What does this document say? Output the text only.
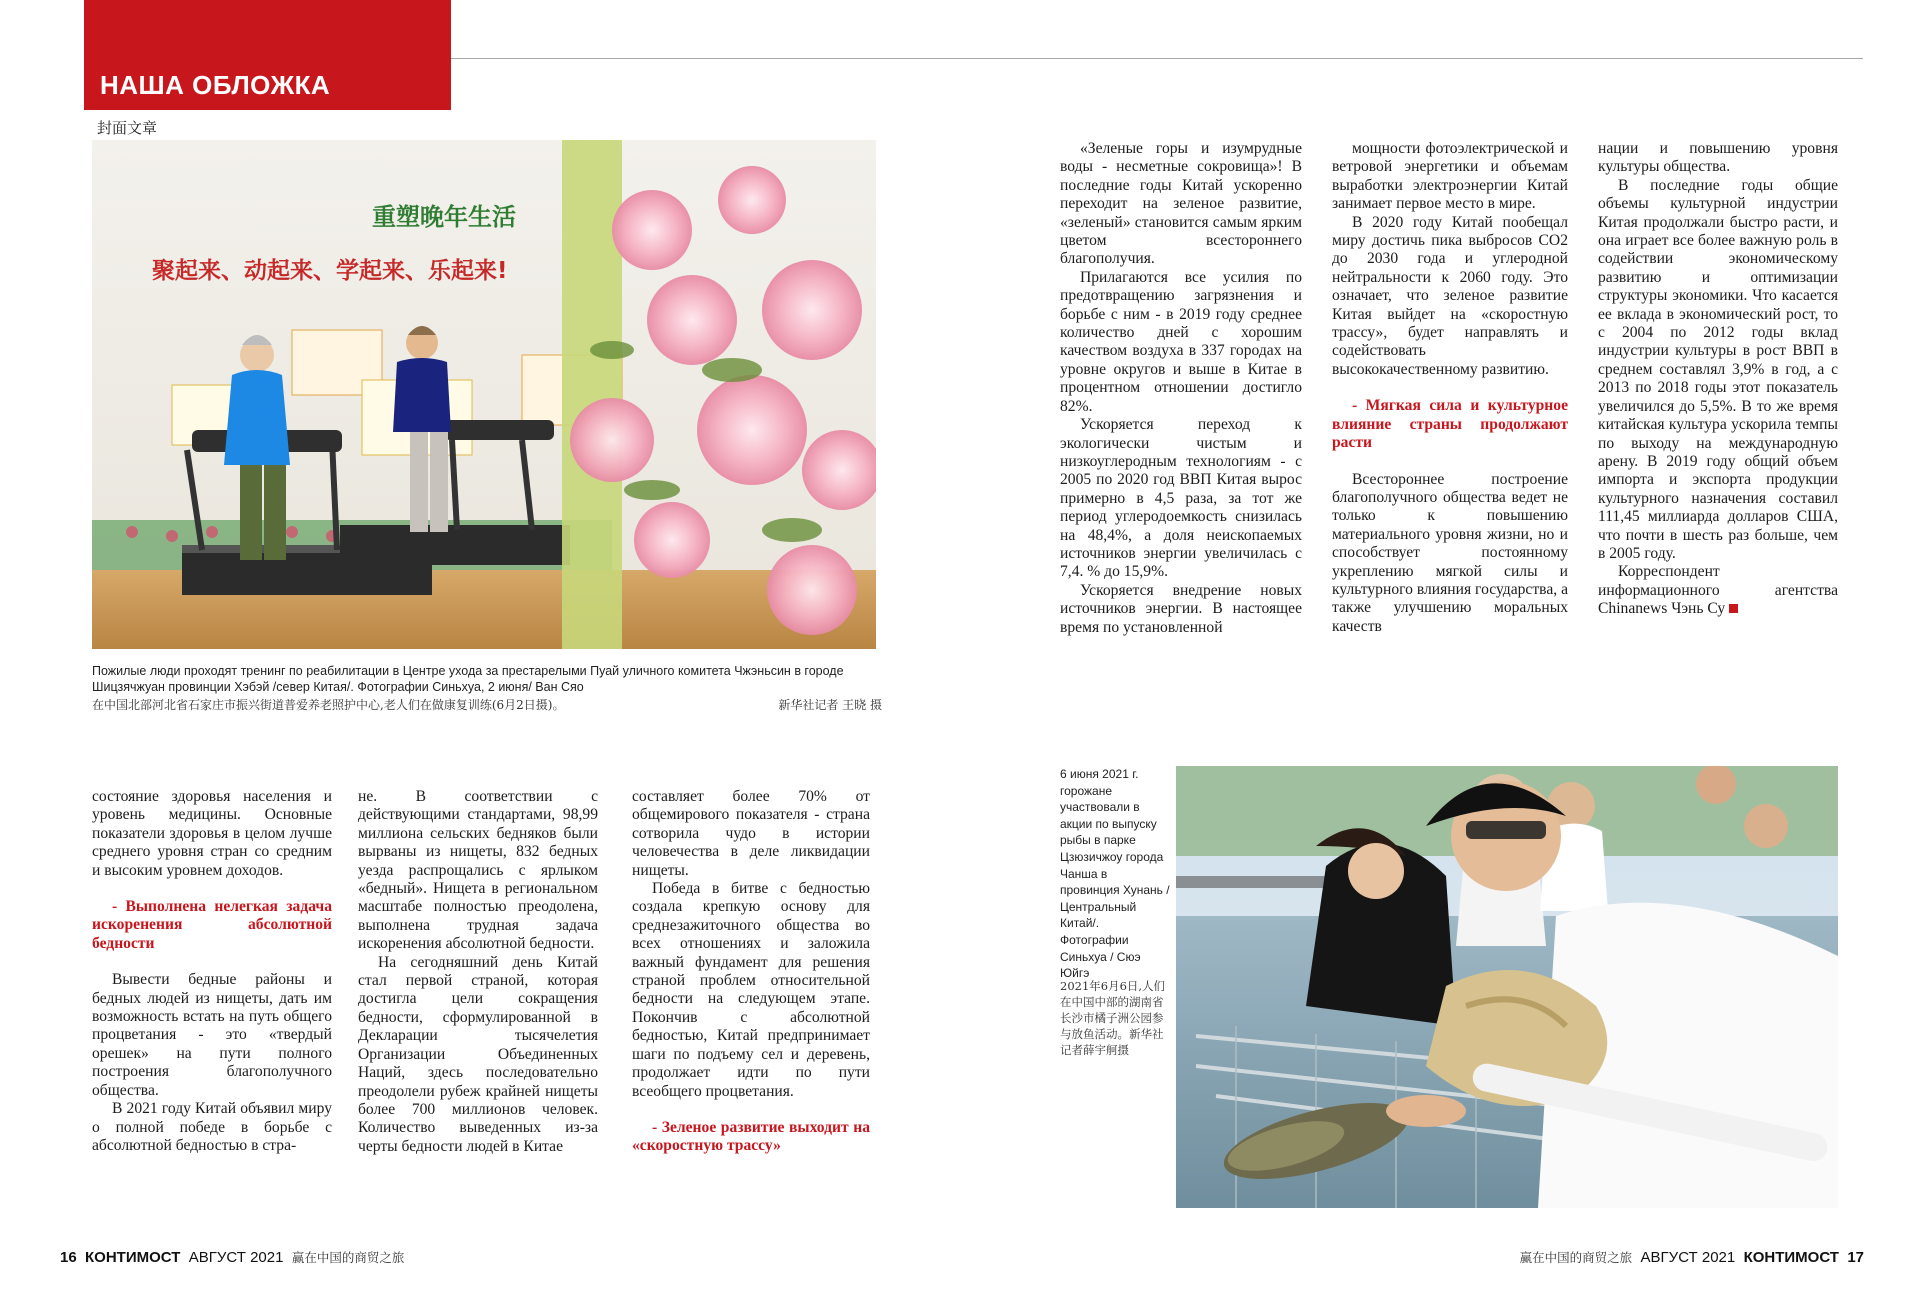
НАША ОБЛОЖКА
封面文章
重塑晚年生活
聚起来、动起来、学起来、乐起来!
Пожилые люди проходят тренинг по реабилитации в Центре ухода за престарелыми Пуай уличного комитета Чжэньсин в городе Шицзячжуан провинции Хэбэй /север Китая/. Фотографии Синьхуа, 2 июня/ Ван Сяо
在中国北部河北省石家庄市振兴街道普爱养老照护中心,老人们在做康复训练(6月2日摄)。	新华社记者 王晓 摄

«Зеленые горы и изумрудные воды - несметные сокровища»! В последние годы Китай ускоренно переходит на зеленое развитие, «зеленый» становится самым ярким цветом всестороннего благополучия.

Прилагаются все усилия по предотвращению загрязнения и борьбе с ним - в 2019 году среднее количество дней с хорошим качеством воздуха в 337 городах на уровне округов и выше в Китае в процентном отношении достигло 82%.

Ускоряется переход к экологически чистым и низкоуглеродным технологиям - с 2005 по 2020 год ВВП Китая вырос примерно в 4,5 раза, за тот же период углеродоемкость снизилась на 48,4%, а доля неископаемых источников энергии увеличилась с 7,4. % до 15,9%.

Ускоряется внедрение новых источников энергии. В настоящее время по установленной

мощности фотоэлектрической и ветровой энергетики и объемам выработки электроэнергии Китай занимает первое место в мире.

В 2020 году Китай пообещал миру достичь пика выбросов СО2 до 2030 года и углеродной нейтральности к 2060 году. Это означает, что зеленое развитие Китая выйдет на «скоростную трассу», будет направлять и содействовать высококачественному развитию.

- Мягкая сила и культурное влияние страны продолжают расти

Всестороннее построение благополучного общества ведет не только к повышению материального уровня жизни, но и способствует постоянному укреплению мягкой силы и культурного влияния государства, а также улучшению моральных качеств

нации и повышению уровня культуры общества.

В последние годы общие объемы культурной индустрии Китая продолжали быстро расти, и она играет все более важную роль в содействии экономическому развитию и оптимизации структуры экономики. Что касается ее вклада в экономический рост, то с 2004 по 2012 годы вклад индустрии культуры в рост ВВП в среднем составлял 3,9% в год, а с 2013 по 2018 годы этот показатель увеличился до 5,5%. В то же время китайская культура ускорила темпы по выходу на международную арену. В 2019 году общий объем импорта и экспорта продукции культурного назначения составил 111,45 миллиарда долларов США, что почти в шесть раз больше, чем в 2005 году.

Корреспондент информационного агентства Chinanews Чэнь Су

6 июня 2021 г. горожане участвовали в акции по выпуску рыбы в парке Цзюзичжоу города Чанша в провинция Хунань /Центральный Китай/. Фотографии Синьхуа / Сюэ Юйгэ
2021年6月6日,人们在中国中部的湖南省长沙市橘子洲公园参与放鱼活动。新华社记者薛宇舸摄

состояние здоровья населения и уровень медицины. Основные показатели здоровья в целом лучше среднего уровня стран со средним и высоким уровнем доходов.

- Выполнена нелегкая задача искоренения абсолютной бедности

Вывести бедные районы и бедных людей из нищеты, дать им возможность встать на путь общего процветания - это «твердый орешек» на пути полного построения благополучного общества.

В 2021 году Китай объявил миру о полной победе в борьбе с абсолютной бедностью в стра-

не. В соответствии с действующими стандартами, 98,99 миллиона сельских бедняков были вырваны из нищеты, 832 бедных уезда распрощались с ярлыком «бедный». Нищета в региональном масштабе полностью преодолена, выполнена трудная задача искоренения абсолютной бедности.

На сегодняшний день Китай стал первой страной, которая достигла цели сокращения бедности, сформулированной в Декларации тысячелетия Организации Объединенных Наций, здесь последовательно преодолели рубеж крайней нищеты более 700 миллионов человек. Количество выведенных из-за черты бедности людей в Китае

составляет более 70% от общемирового показателя - страна сотворила чудо в истории человечества в деле ликвидации нищеты.

Победа в битве с бедностью создала крепкую основу для среднезажиточного общества во всех отношениях и заложила важный фундамент для решения страной проблем относительной бедности на следующем этапе. Покончив с абсолютной бедностью, Китай предпринимает шаги по подъему сел и деревень, продолжает идти по пути всеобщего процветания.

- Зеленое развитие выходит на «скоростную трассу»
16 КОНТИМОСТ АВГУСТ 2021 赢在中国的商贸之旅	赢在中国的商贸之旅 АВГУСТ 2021 КОНТИМОСТ 17
